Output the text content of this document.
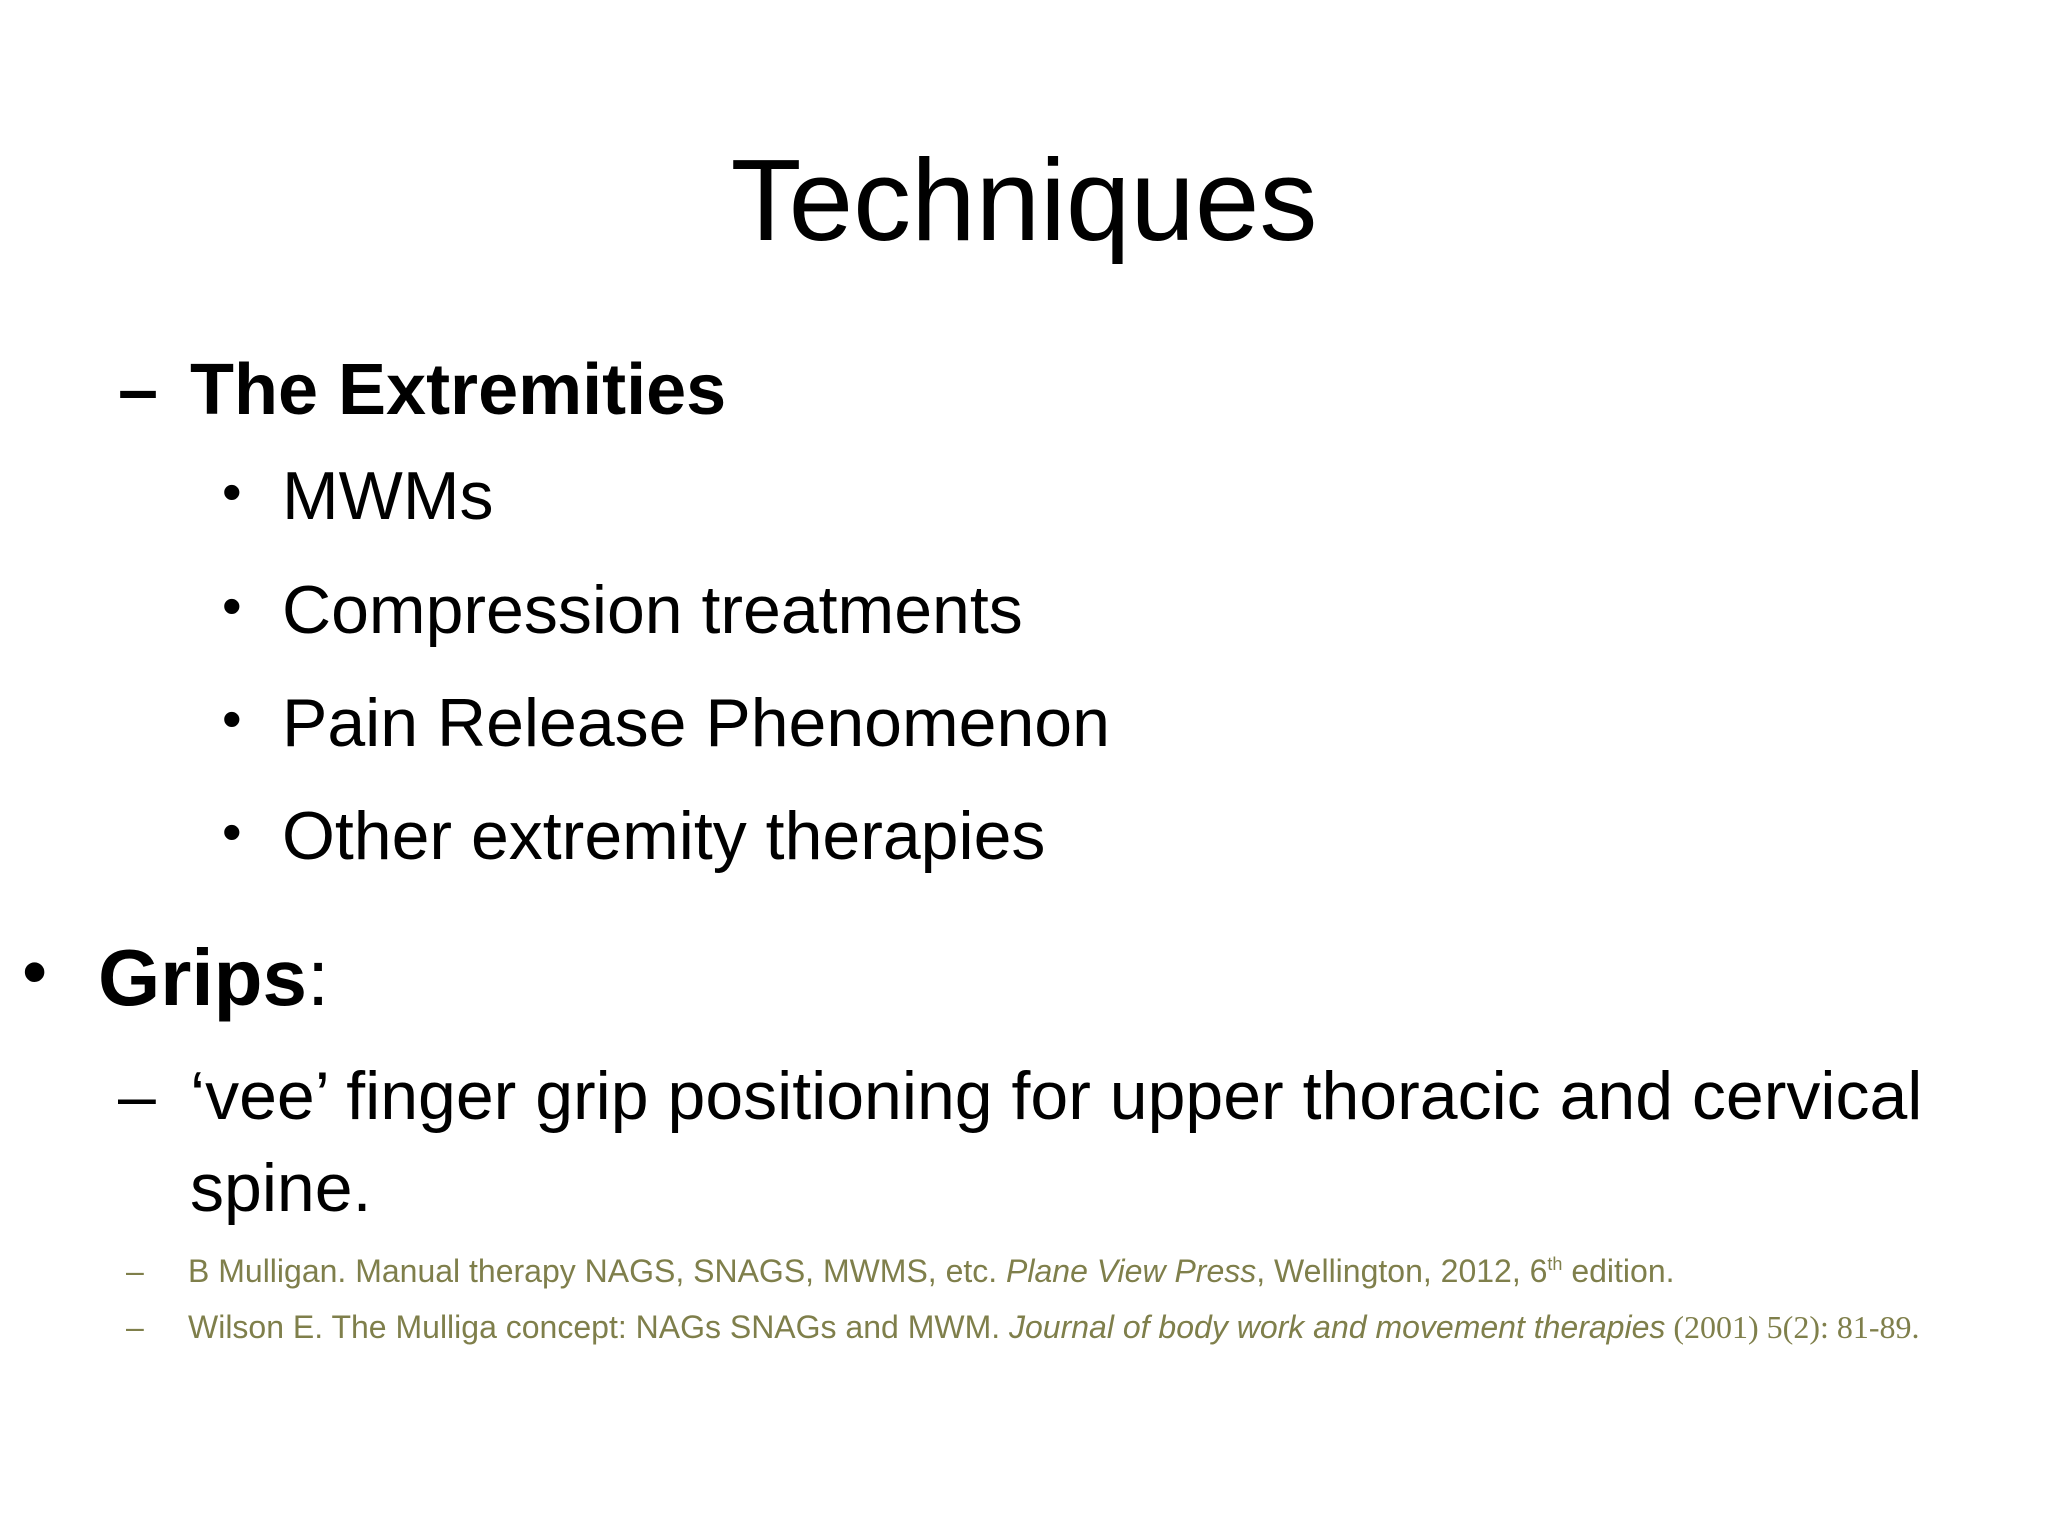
Techniques
– The Extremities
• MWMs
• Compression treatments
• Pain Release Phenomenon
• Other extremity therapies
• Grips:
– ‘vee’ finger grip positioning for upper thoracic and cervical spine.
– B Mulligan. Manual therapy NAGS, SNAGS, MWMS, etc. Plane View Press, Wellington, 2012, 6th edition.
– Wilson E. The Mulliga concept: NAGs SNAGs and MWM. Journal of body work and movement therapies (2001) 5(2): 81-89.
